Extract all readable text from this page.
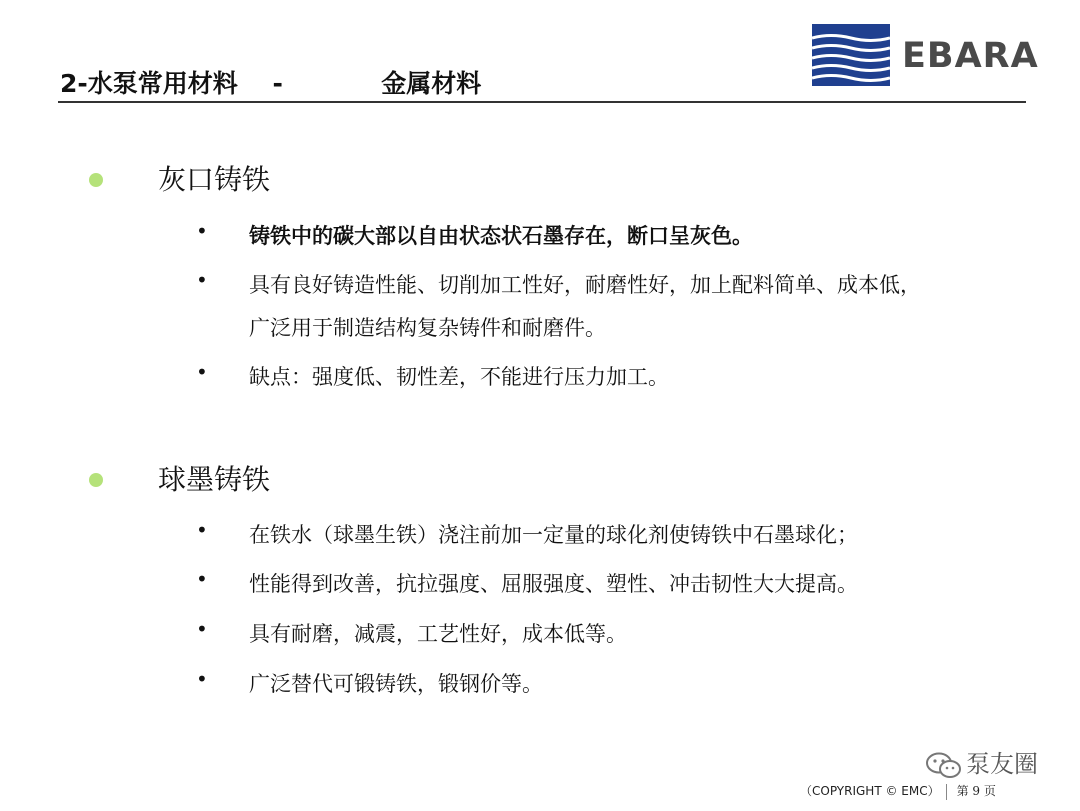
2-水泵常用材料 -	金属材料
EBARA
灰口铸铁
• 铸铁中的碳大部以自由状态状石墨存在，断口呈灰色。
• 具有良好铸造性能、切削加工性好，耐磨性好，加上配料简单、成本低，
广泛用于制造结构复杂铸件和耐磨件。
• 缺点：强度低、韧性差，不能进行压力加工。
球墨铸铁
• 在铁水（球墨生铁）浇注前加一定量的球化剂使铸铁中石墨球化；
• 性能得到改善，抗拉强度、屈服强度、塑性、冲击韧性大大提高。
• 具有耐磨，减震，工艺性好，成本低等。
• 广泛替代可锻铸铁，锻钢价等。
泵友圈
（COPYRIGHT © EMC） 第 9 页
